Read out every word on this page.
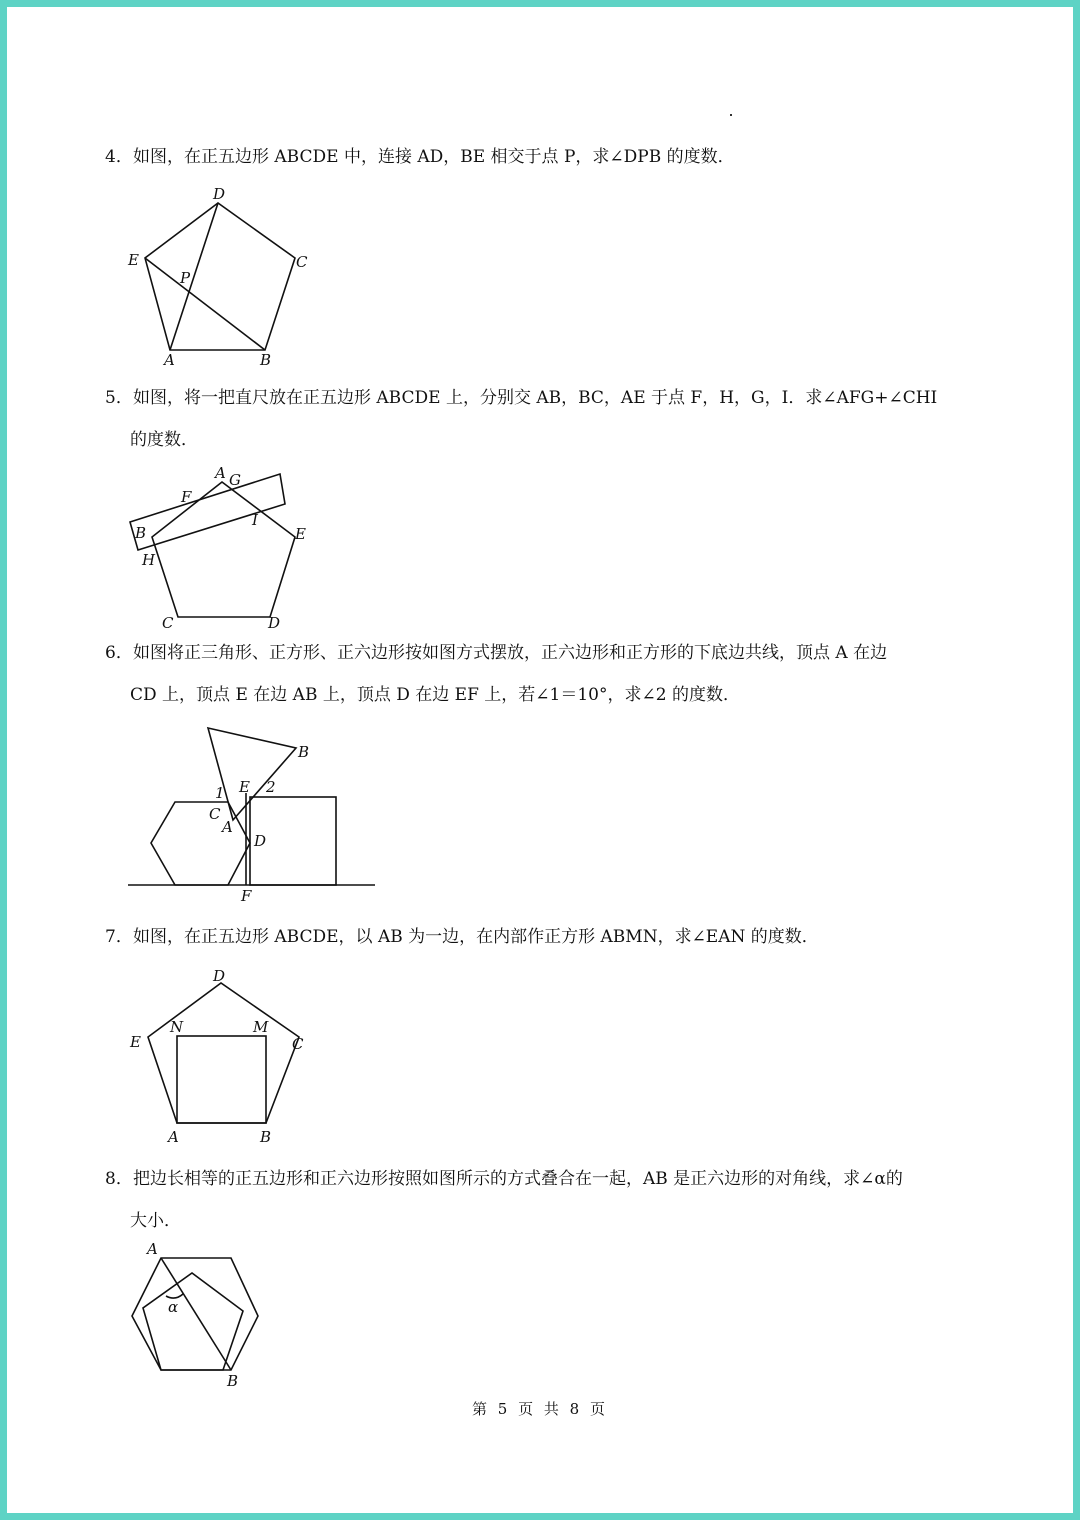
4．如图，在正五边形 ABCDE 中，连接 AD，BE 相交于点 P，求∠DPB 的度数．
D
E	C
P
A	B
5．如图，将一把直尺放在正五边形 ABCDE 上，分别交 AB，BC，AE 于点 F，H，G，I．求∠AFG+∠CHI
的度数．
A G
F
B
I
E
H
C	D
6．如图将正三角形、正方形、正六边形按如图方式摆放，正六边形和正方形的下底边共线，顶点 A 在边
CD 上，顶点 E 在边 AB 上，顶点 D 在边 EF 上，若∠1＝10°，求∠2 的度数．
B
E 2
1
C
A
D
F
7．如图，在正五边形 ABCDE，以 AB 为一边，在内部作正方形 ABMN，求∠EAN 的度数．
D
E
N	M
C
A	B
8．把边长相等的正五边形和正六边形按照如图所示的方式叠合在一起，AB 是正六边形的对角线，求∠α的
大小．
A
α
B
第 5 页 共 8 页
